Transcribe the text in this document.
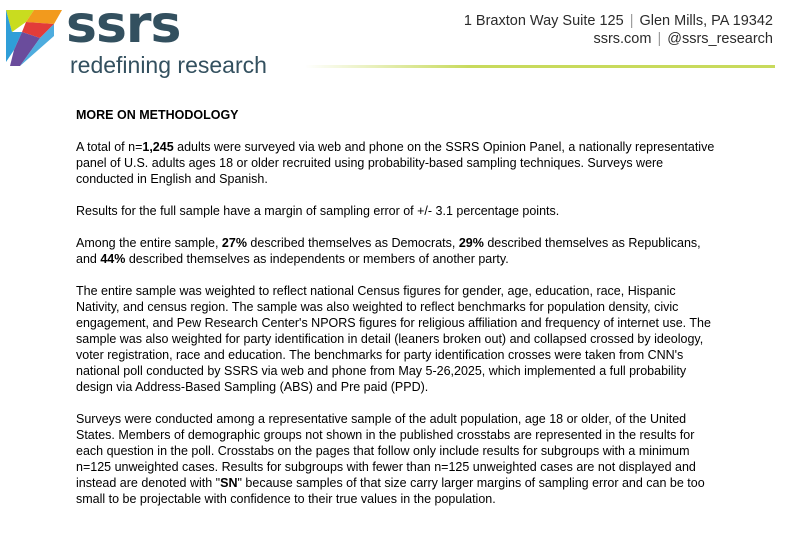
ssrs
redefining research
1 Braxton Way Suite 125 | Glen Mills, PA 19342
ssrs.com | @ssrs_research
MORE ON METHODOLOGY

A total of n=1,245 adults were surveyed via web and phone on the SSRS Opinion Panel, a nationally representative panel of U.S. adults ages 18 or older recruited using probability-based sampling techniques. Surveys were conducted in English and Spanish.

Results for the full sample have a margin of sampling error of +/- 3.1 percentage points.

Among the entire sample, 27% described themselves as Democrats, 29% described themselves as Republicans, and 44% described themselves as independents or members of another party.

The entire sample was weighted to reflect national Census figures for gender, age, education, race, Hispanic Nativity, and census region. The sample was also weighted to reflect benchmarks for population density, civic engagement, and Pew Research Center's NPORS figures for religious affiliation and frequency of internet use. The sample was also weighted for party identification in detail (leaners broken out) and collapsed crossed by ideology, voter registration, race and education. The benchmarks for party identification crosses were taken from CNN's national poll conducted by SSRS via web and phone from May 5-26,2025, which implemented a full probability design via Address-Based Sampling (ABS) and Pre paid (PPD).

Surveys were conducted among a representative sample of the adult population, age 18 or older, of the United States. Members of demographic groups not shown in the published crosstabs are represented in the results for each question in the poll. Crosstabs on the pages that follow only include results for subgroups with a minimum n=125 unweighted cases. Results for subgroups with fewer than n=125 unweighted cases are not displayed and instead are denoted with "SN" because samples of that size carry larger margins of sampling error and can be too small to be projectable with confidence to their true values in the population.
